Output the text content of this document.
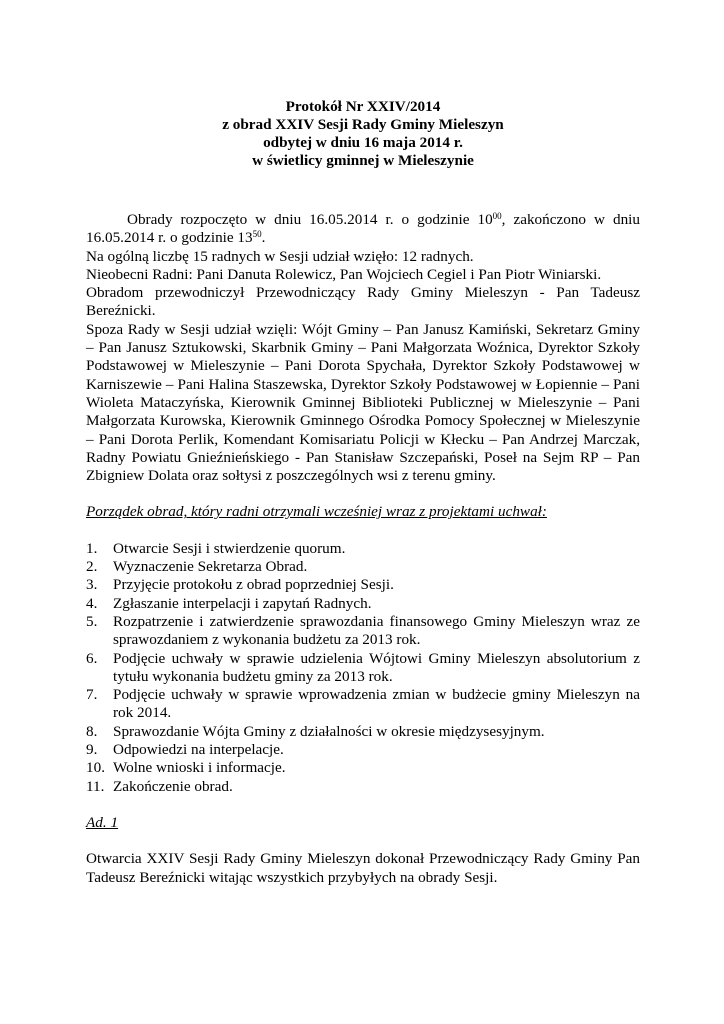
Protokół Nr XXIV/2014
z obrad XXIV Sesji Rady Gminy Mieleszyn
odbytej w dniu 16 maja 2014 r.
w świetlicy gminnej w Mieleszynie

Obrady rozpoczęto w dniu 16.05.2014 r. o godzinie $10^{00}$, zakończono w dniu 16.05.2014 r. o godzinie $13^{50}$.

Na ogólną liczbę 15 radnych w Sesji udział wzięło: 12 radnych.

Nieobecni Radni: Pani Danuta Rolewicz, Pan Wojciech Cegiel i Pan Piotr Winiarski.

Obradom przewodniczył Przewodniczący Rady Gminy Mieleszyn - Pan Tadeusz Bereźnicki.

Spoza Rady w Sesji udział wzięli: Wójt Gminy – Pan Janusz Kamiński, Sekretarz Gminy – Pan Janusz Sztukowski, Skarbnik Gminy – Pani Małgorzata Woźnica, Dyrektor Szkoły Podstawowej w Mieleszynie – Pani Dorota Spychała, Dyrektor Szkoły Podstawowej w Karniszewie – Pani Halina Staszewska, Dyrektor Szkoły Podstawowej w Łopiennie – Pani Wioleta Mataczyńska, Kierownik Gminnej Biblioteki Publicznej w Mieleszynie – Pani Małgorzata Kurowska, Kierownik Gminnego Ośrodka Pomocy Społecznej w Mieleszynie – Pani Dorota Perlik, Komendant Komisariatu Policji w Kłecku – Pan Andrzej Marczak, Radny Powiatu Gnieźnieńskiego - Pan Stanisław Szczepański, Poseł na Sejm RP – Pan Zbigniew Dolata oraz sołtysi z poszczególnych wsi z terenu gminy.

Porządek obrad, który radni otrzymali wcześniej wraz z projektami uchwał:
1.	Otwarcie Sesji i stwierdzenie quorum.
2.	Wyznaczenie Sekretarza Obrad.
3.	Przyjęcie protokołu z obrad poprzedniej Sesji.
4.	Zgłaszanie interpelacji i zapytań Radnych.
5.	Rozpatrzenie i zatwierdzenie sprawozdania finansowego Gminy Mieleszyn wraz ze sprawozdaniem z wykonania budżetu za 2013 rok.
6.	Podjęcie uchwały w sprawie udzielenia Wójtowi Gminy Mieleszyn absolutorium z tytułu wykonania budżetu gminy za 2013 rok.
7.	Podjęcie uchwały w sprawie wprowadzenia zmian w budżecie gminy Mieleszyn na rok 2014.
8.	Sprawozdanie Wójta Gminy z działalności w okresie międzysesyjnym.
9.	Odpowiedzi na interpelacje.
10. Wolne wnioski i informacje.
11. Zakończenie obrad.
Ad. 1

Otwarcia XXIV Sesji Rady Gminy Mieleszyn dokonał Przewodniczący Rady Gminy Pan Tadeusz Bereźnicki witając wszystkich przybyłych na obrady Sesji.
